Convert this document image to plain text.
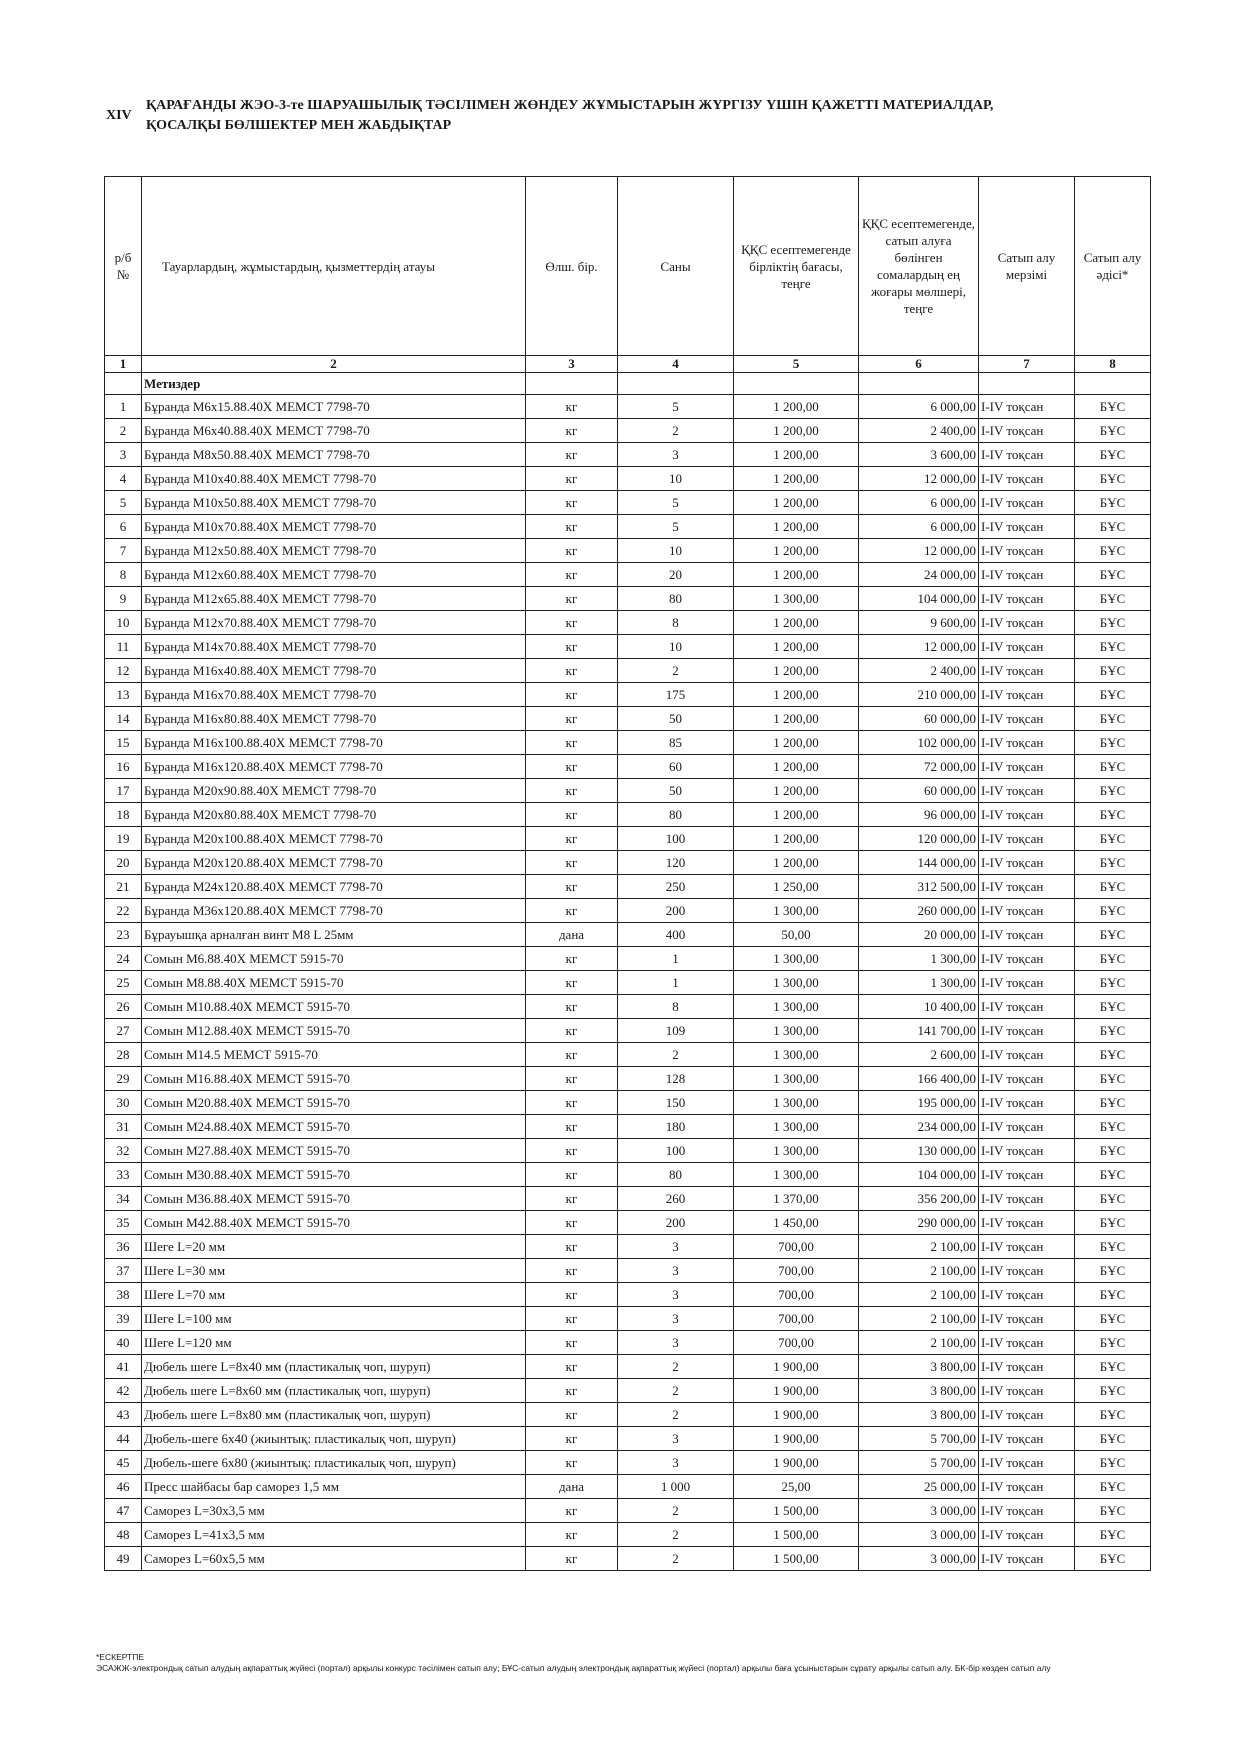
XIV
ҚАРАҒАНДЫ ЖЭО-3-те ШАРУАШЫЛЫҚ ТӘСІЛІМЕН ЖӨНДЕУ ЖҰМЫСТАРЫН ЖҮРГІЗУ ҮШІН ҚАЖЕТТІ МАТЕРИАЛДАР,
ҚОСАЛҚЫ БӨЛШЕКТЕР МЕН ЖАБДЫҚТАР
р/б №	Тауарлардың, жұмыстардың, қызметтердің атауы	Өлш. бір.	Саны	ҚҚС есептемегенде бірліктің бағасы, теңге	ҚҚС есептемегенде, сатып алуға бөлінген сомалардың ең жоғары мөлшері, теңге	Сатып алу мерзімі	Сатып алу әдісі*
1	2	3	4	5	6	7	8
	Метиздер						
1	Бұранда М6х15.88.40Х МЕМСТ 7798-70	кг	5	1 200,00	6 000,00	I-IV тоқсан	БҰС
2	Бұранда М6х40.88.40Х МЕМСТ 7798-70	кг	2	1 200,00	2 400,00	I-IV тоқсан	БҰС
3	Бұранда М8х50.88.40Х МЕМСТ 7798-70	кг	3	1 200,00	3 600,00	I-IV тоқсан	БҰС
4	Бұранда М10х40.88.40Х МЕМСТ 7798-70	кг	10	1 200,00	12 000,00	I-IV тоқсан	БҰС
5	Бұранда М10х50.88.40Х МЕМСТ 7798-70	кг	5	1 200,00	6 000,00	I-IV тоқсан	БҰС
6	Бұранда М10х70.88.40Х МЕМСТ 7798-70	кг	5	1 200,00	6 000,00	I-IV тоқсан	БҰС
7	Бұранда М12х50.88.40Х МЕМСТ 7798-70	кг	10	1 200,00	12 000,00	I-IV тоқсан	БҰС
8	Бұранда М12х60.88.40Х МЕМСТ 7798-70	кг	20	1 200,00	24 000,00	I-IV тоқсан	БҰС
9	Бұранда М12х65.88.40Х МЕМСТ 7798-70	кг	80	1 300,00	104 000,00	I-IV тоқсан	БҰС
10	Бұранда М12х70.88.40Х МЕМСТ 7798-70	кг	8	1 200,00	9 600,00	I-IV тоқсан	БҰС
11	Бұранда М14х70.88.40Х МЕМСТ 7798-70	кг	10	1 200,00	12 000,00	I-IV тоқсан	БҰС
12	Бұранда М16х40.88.40Х МЕМСТ 7798-70	кг	2	1 200,00	2 400,00	I-IV тоқсан	БҰС
13	Бұранда М16х70.88.40Х МЕМСТ 7798-70	кг	175	1 200,00	210 000,00	I-IV тоқсан	БҰС
14	Бұранда М16х80.88.40Х МЕМСТ 7798-70	кг	50	1 200,00	60 000,00	I-IV тоқсан	БҰС
15	Бұранда М16х100.88.40Х МЕМСТ 7798-70	кг	85	1 200,00	102 000,00	I-IV тоқсан	БҰС
16	Бұранда М16х120.88.40Х МЕМСТ 7798-70	кг	60	1 200,00	72 000,00	I-IV тоқсан	БҰС
17	Бұранда М20х90.88.40Х МЕМСТ 7798-70	кг	50	1 200,00	60 000,00	I-IV тоқсан	БҰС
18	Бұранда М20х80.88.40Х МЕМСТ 7798-70	кг	80	1 200,00	96 000,00	I-IV тоқсан	БҰС
19	Бұранда М20х100.88.40Х МЕМСТ 7798-70	кг	100	1 200,00	120 000,00	I-IV тоқсан	БҰС
20	Бұранда М20х120.88.40Х МЕМСТ 7798-70	кг	120	1 200,00	144 000,00	I-IV тоқсан	БҰС
21	Бұранда М24х120.88.40Х МЕМСТ 7798-70	кг	250	1 250,00	312 500,00	I-IV тоқсан	БҰС
22	Бұранда М36х120.88.40Х МЕМСТ 7798-70	кг	200	1 300,00	260 000,00	I-IV тоқсан	БҰС
23	Бұрауышқа арналған винт М8 L 25мм	дана	400	50,00	20 000,00	I-IV тоқсан	БҰС
24	Сомын М6.88.40Х МЕМСТ 5915-70	кг	1	1 300,00	1 300,00	I-IV тоқсан	БҰС
25	Сомын М8.88.40Х МЕМСТ 5915-70	кг	1	1 300,00	1 300,00	I-IV тоқсан	БҰС
26	Сомын М10.88.40Х МЕМСТ 5915-70	кг	8	1 300,00	10 400,00	I-IV тоқсан	БҰС
27	Сомын М12.88.40Х МЕМСТ 5915-70	кг	109	1 300,00	141 700,00	I-IV тоқсан	БҰС
28	Сомын М14.5 МЕМСТ 5915-70	кг	2	1 300,00	2 600,00	I-IV тоқсан	БҰС
29	Сомын М16.88.40Х МЕМСТ 5915-70	кг	128	1 300,00	166 400,00	I-IV тоқсан	БҰС
30	Сомын М20.88.40Х МЕМСТ 5915-70	кг	150	1 300,00	195 000,00	I-IV тоқсан	БҰС
31	Сомын М24.88.40Х МЕМСТ 5915-70	кг	180	1 300,00	234 000,00	I-IV тоқсан	БҰС
32	Сомын М27.88.40Х МЕМСТ 5915-70	кг	100	1 300,00	130 000,00	I-IV тоқсан	БҰС
33	Сомын М30.88.40Х МЕМСТ 5915-70	кг	80	1 300,00	104 000,00	I-IV тоқсан	БҰС
34	Сомын М36.88.40Х МЕМСТ 5915-70	кг	260	1 370,00	356 200,00	I-IV тоқсан	БҰС
35	Сомын М42.88.40Х МЕМСТ 5915-70	кг	200	1 450,00	290 000,00	I-IV тоқсан	БҰС
36	Шеге L=20 мм	кг	3	700,00	2 100,00	I-IV тоқсан	БҰС
37	Шеге L=30 мм	кг	3	700,00	2 100,00	I-IV тоқсан	БҰС
38	Шеге L=70 мм	кг	3	700,00	2 100,00	I-IV тоқсан	БҰС
39	Шеге L=100 мм	кг	3	700,00	2 100,00	I-IV тоқсан	БҰС
40	Шеге L=120 мм	кг	3	700,00	2 100,00	I-IV тоқсан	БҰС
41	Дюбель шеге L=8х40 мм (пластикалық чоп, шуруп)	кг	2	1 900,00	3 800,00	I-IV тоқсан	БҰС
42	Дюбель шеге L=8х60 мм (пластикалық чоп, шуруп)	кг	2	1 900,00	3 800,00	I-IV тоқсан	БҰС
43	Дюбель шеге L=8х80 мм (пластикалық чоп, шуруп)	кг	2	1 900,00	3 800,00	I-IV тоқсан	БҰС
44	Дюбель-шеге 6х40 (жиынтық: пластикалық чоп, шуруп)	кг	3	1 900,00	5 700,00	I-IV тоқсан	БҰС
45	Дюбель-шеге 6х80 (жиынтық: пластикалық чоп, шуруп)	кг	3	1 900,00	5 700,00	I-IV тоқсан	БҰС
46	Пресс шайбасы бар саморез 1,5 мм	дана	1 000	25,00	25 000,00	I-IV тоқсан	БҰС
47	Саморез L=30х3,5 мм	кг	2	1 500,00	3 000,00	I-IV тоқсан	БҰС
48	Саморез L=41х3,5 мм	кг	2	1 500,00	3 000,00	I-IV тоқсан	БҰС
49	Саморез L=60х5,5 мм	кг	2	1 500,00	3 000,00	I-IV тоқсан	БҰС
*ЕСКЕРТПЕ
ЭСАЖЖ-электрондық сатып алудың ақпараттық жүйесі (портал) арқылы конкурс тәсілімен сатып алу; БҰС-сатып алудың электрондық ақпараттық жүйесі (портал) арқылы баға ұсыныстарын сұрату арқылы сатып алу. БК-бір көзден сатып алу
